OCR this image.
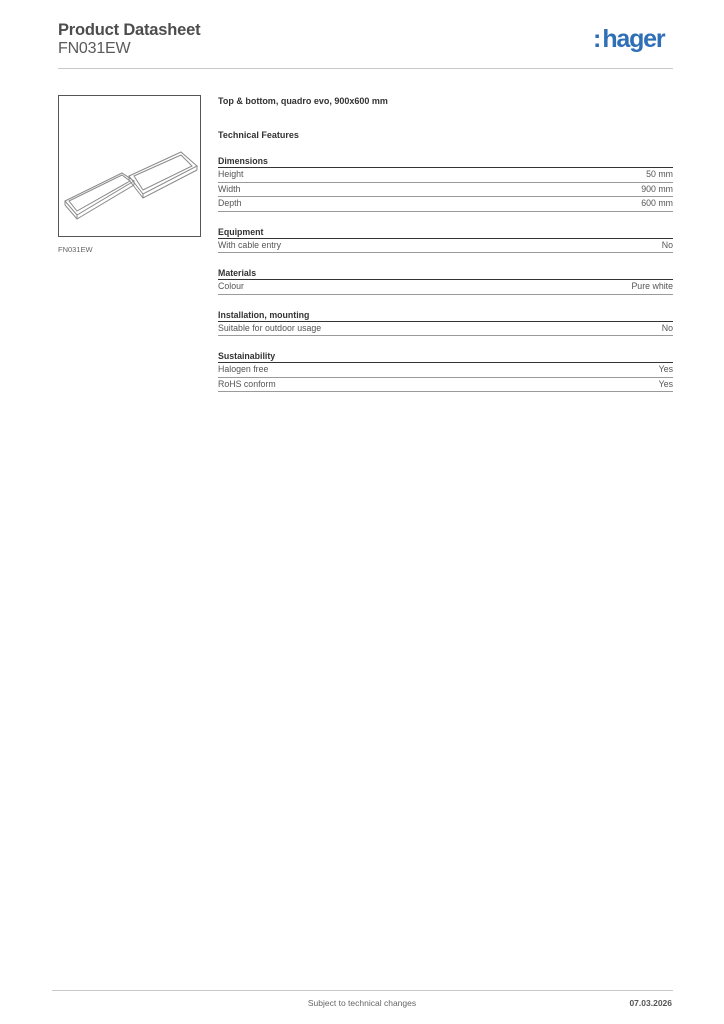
Product Datasheet
FN031EW	:hager
FN031EW
Top & bottom, quadro evo, 900x600 mm
Technical Features
Dimensions
Height	50 mm
Width	900 mm
Depth	600 mm
Equipment
With cable entry	No
Materials
Colour	Pure white
Installation, mounting
Suitable for outdoor usage	No
Sustainability
Halogen free	Yes
RoHS conform	Yes
Subject to technical changes	07.03.2026
